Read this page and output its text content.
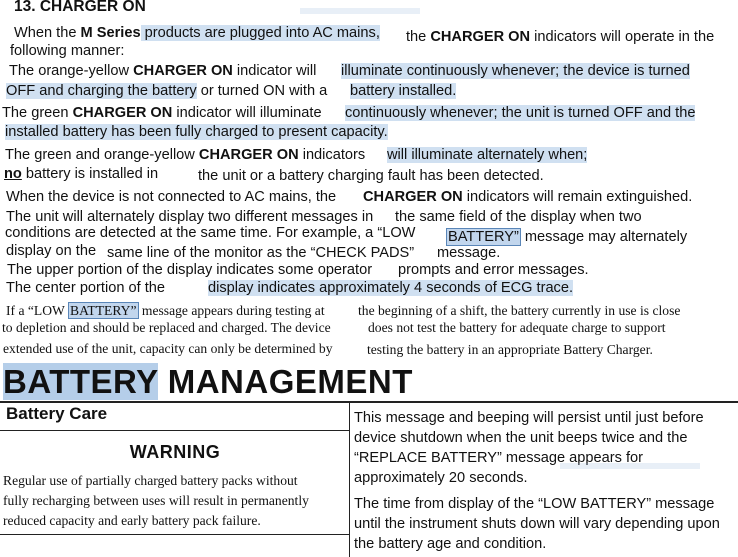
13. CHARGER ON
When the M Series products are plugged into AC mains, the CHARGER ON indicators will operate in the
following manner:
The orange-yellow CHARGER ON indicator will illuminate continuously whenever; the device is turned
OFF and charging the battery or turned ON with a battery installed.
The green CHARGER ON indicator will illuminate continuously whenever; the unit is turned OFF and the
installed battery has been fully charged to present capacity.
The green and orange-yellow CHARGER ON indicators will illuminate alternately when;
no battery is installed in	the unit or a battery charging fault has been detected.
When the device is not connected to AC mains, the CHARGER ON indicators will remain extinguished.
The unit will alternately display two different messages in the same field of the display when two
conditions are detected at the same time. For example, a “LOW BATTERY” message may alternately
display on the same line of the monitor as the “CHECK PADS” message.
The upper portion of the display indicates some operator prompts and error messages.
The center portion of the	display indicates approximately 4 seconds of ECG trace.
If a “LOW BATTERY” message appears during testing at the beginning of a shift, the battery currently in use is close
to depletion and should be replaced and charged. The device	does not test the battery for adequate charge to support
extended use of the unit, capacity can only be determined by	testing the battery in an appropriate Battery Charger.
BATTERY MANAGEMENT
Battery Care
WARNING
Regular use of partially charged battery packs without
fully recharging between uses will result in permanently
reduced capacity and early battery pack failure.
This message and beeping will persist until just before
device shutdown when the unit beeps twice and the
“REPLACE BATTERY” message appears for
approximately 20 seconds.
The time from display of the “LOW BATTERY” message
until the instrument shuts down will vary depending upon
the battery age and condition.
